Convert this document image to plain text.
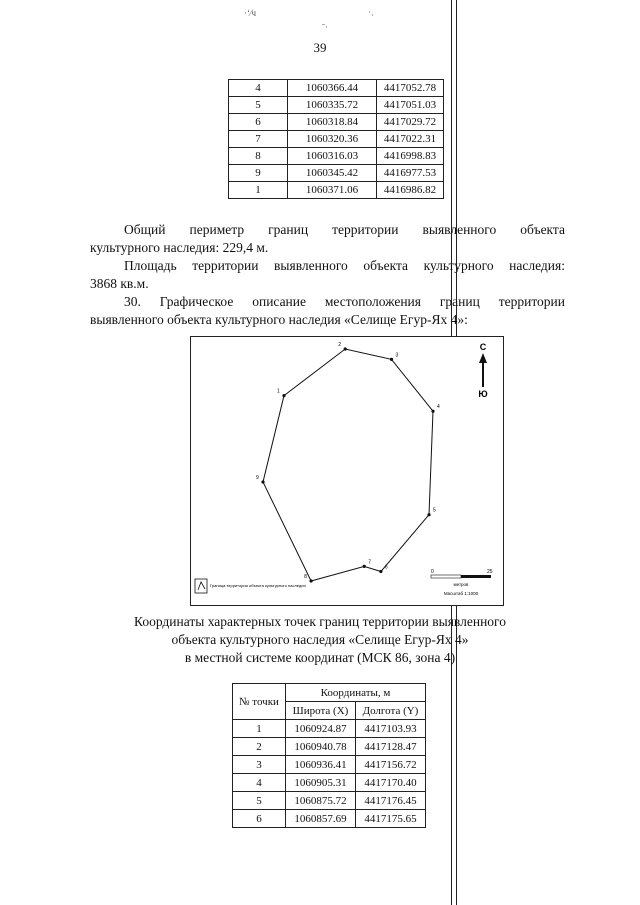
·ʻ⁄ч	˙·
ˉ·
39
4	1060366.44	4417052.78
5	1060335.72	4417051.03
6	1060318.84	4417029.72
7	1060320.36	4417022.31
8	1060316.03	4416998.83
9	1060345.42	4416977.53
1	1060371.06	4416986.82
Общий периметр границ территории выявленного объекта
культурного наследия: 229,4 м.
Площадь территории выявленного объекта культурного наследия:
3868 кв.м.
30. Графическое описание местоположения границ территории
выявленного объекта культурного наследия «Селище Егур-Ях 4»:
1
2
3
4
5
6
7
8
9
С
Ю
Граница территории объекта культурного наследия
0	25
метров
Масштаб 1:1000
Координаты характерных точек границ территории выявленного
объекта культурного наследия «Селище Егур-Ях 4»
в местной системе координат (МСК 86, зона 4)
№ точки	Координаты, м	
	Широта (Х)	Долгота (Y)
1	1060924.87	4417103.93
2	1060940.78	4417128.47
3	1060936.41	4417156.72
4	1060905.31	4417170.40
5	1060875.72	4417176.45
6	1060857.69	4417175.65
